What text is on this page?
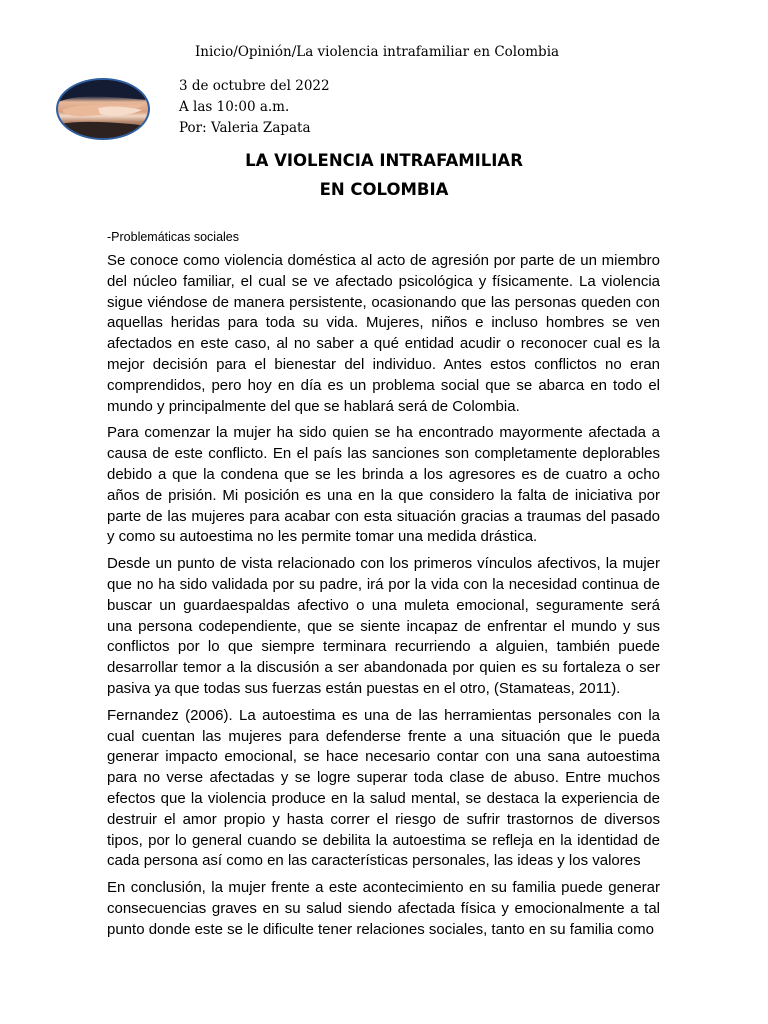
Inicio/Opinión/La violencia intrafamiliar en Colombia
3 de octubre del 2022
A las 10:00 a.m.
Por: Valeria Zapata
LA VIOLENCIA INTRAFAMILIAR
EN COLOMBIA
-Problemáticas sociales

Se conoce como violencia doméstica al acto de agresión por parte de un miembro del núcleo familiar, el cual se ve afectado psicológica y físicamente. La violencia sigue viéndose de manera persistente, ocasionando que las personas queden con aquellas heridas para toda su vida. Mujeres, niños e incluso hombres se ven afectados en este caso, al no saber a qué entidad acudir o reconocer cual es la mejor decisión para el bienestar del individuo. Antes estos conflictos no eran comprendidos, pero hoy en día es un problema social que se abarca en todo el mundo y principalmente del que se hablará será de Colombia.

Para comenzar la mujer ha sido quien se ha encontrado mayormente afectada a causa de este conflicto. En el país las sanciones son completamente deplorables debido a que la condena que se les brinda a los agresores es de cuatro a ocho años de prisión. Mi posición es una en la que considero la falta de iniciativa por parte de las mujeres para acabar con esta situación gracias a traumas del pasado y como su autoestima no les permite tomar una medida drástica.

Desde un punto de vista relacionado con los primeros vínculos afectivos, la mujer que no ha sido validada por su padre, irá por la vida con la necesidad continua de buscar un guardaespaldas afectivo o una muleta emocional, seguramente será una persona codependiente, que se siente incapaz de enfrentar el mundo y sus conflictos por lo que siempre terminara recurriendo a alguien, también puede desarrollar temor a la discusión a ser abandonada por quien es su fortaleza o ser pasiva ya que todas sus fuerzas están puestas en el otro, (Stamateas, 2011).

Fernandez (2006). La autoestima es una de las herramientas personales con la cual cuentan las mujeres para defenderse frente a una situación que le pueda generar impacto emocional, se hace necesario contar con una sana autoestima para no verse afectadas y se logre superar toda clase de abuso. Entre muchos efectos que la violencia produce en la salud mental, se destaca la experiencia de destruir el amor propio y hasta correr el riesgo de sufrir trastornos de diversos tipos, por lo general cuando se debilita la autoestima se refleja en la identidad de cada persona así como en las características personales, las ideas y los valores

En conclusión, la mujer frente a este acontecimiento en su familia puede generar consecuencias graves en su salud siendo afectada física y emocionalmente a tal punto donde este se le dificulte tener relaciones sociales, tanto en su familia como
